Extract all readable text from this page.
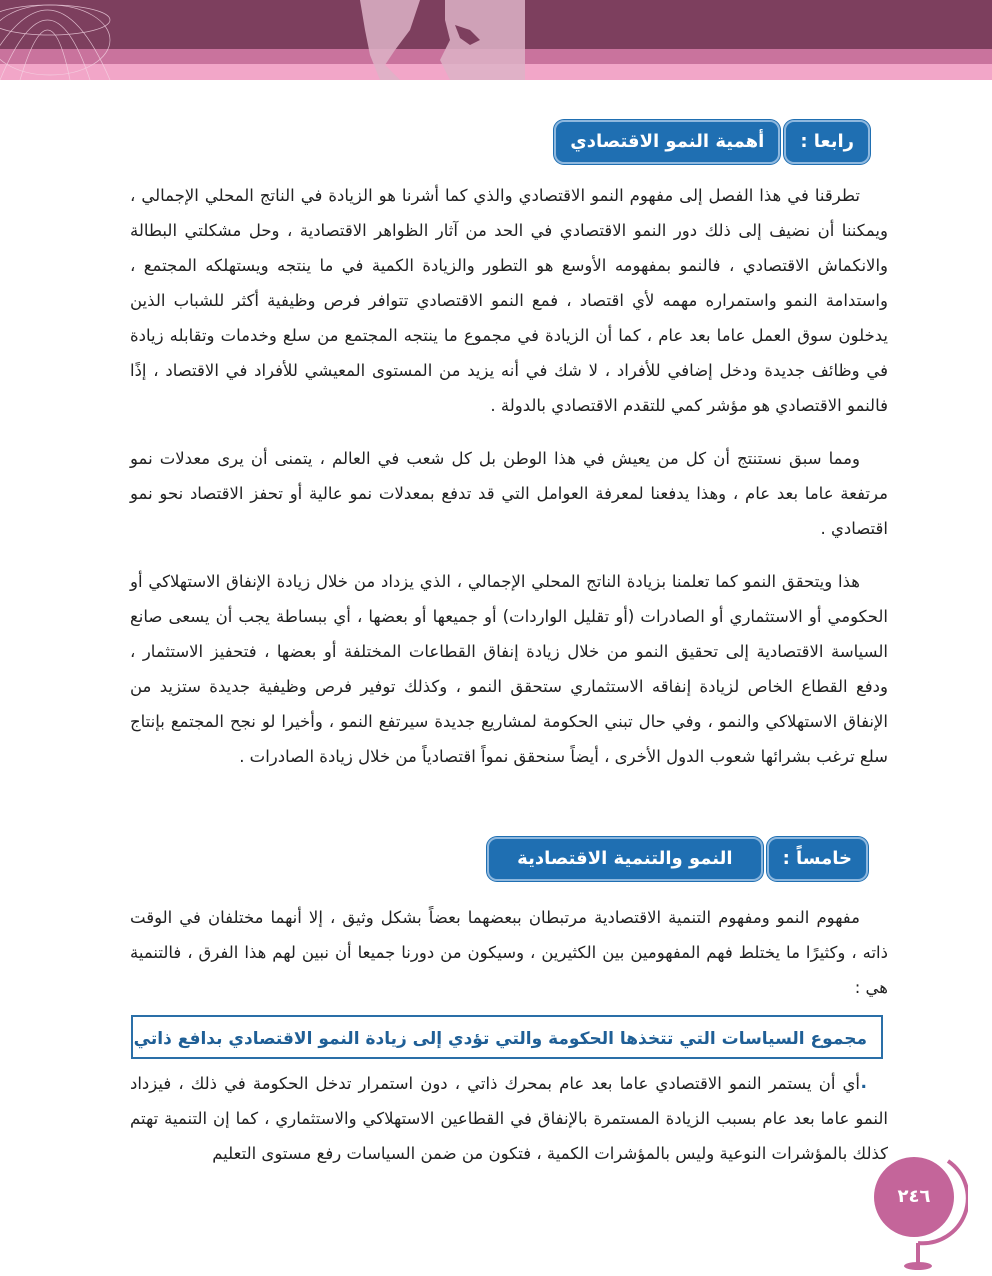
رابعا :
أهمية النمو الاقتصادي

تطرقنا في هذا الفصل إلى مفهوم النمو الاقتصادي والذي كما أشرنا هو الزيادة في الناتج المحلي الإجمالي ، ويمكننا أن نضيف إلى ذلك دور النمو الاقتصادي في الحد من آثار الظواهر الاقتصادية ، وحل مشكلتي البطالة والانكماش الاقتصادي ، فالنمو بمفهومه الأوسع هو التطور والزيادة الكمية في ما ينتجه ويستهلكه المجتمع ، واستدامة النمو واستمراره مهمه لأي اقتصاد ، فمع النمو الاقتصادي تتوافر فرص وظيفية أكثر للشباب الذين يدخلون سوق العمل عاما بعد عام ، كما أن الزيادة في مجموع ما ينتجه المجتمع من سلع وخدمات وتقابله زيادة في وظائف جديدة ودخل إضافي للأفراد ، لا شك في أنه يزيد من المستوى المعيشي للأفراد في الاقتصاد ، إذًا فالنمو الاقتصادي هو مؤشر كمي للتقدم الاقتصادي بالدولة .

ومما سبق نستنتج أن كل من يعيش في هذا الوطن بل كل شعب في العالم ، يتمنى أن يرى معدلات نمو مرتفعة عاما بعد عام ، وهذا يدفعنا لمعرفة العوامل التي قد تدفع بمعدلات نمو عالية أو تحفز الاقتصاد نحو نمو اقتصادي .

هذا ويتحقق النمو كما تعلمنا بزيادة الناتج المحلي الإجمالي ، الذي يزداد من خلال زيادة الإنفاق الاستهلاكي أو الحكومي أو الاستثماري أو الصادرات (أو تقليل الواردات) أو جميعها أو بعضها ، أي ببساطة يجب أن يسعى صانع السياسة الاقتصادية إلى تحقيق النمو من خلال زيادة إنفاق القطاعات المختلفة أو بعضها ، فتحفيز الاستثمار ، ودفع القطاع الخاص لزيادة إنفاقه الاستثماري ستحقق النمو ، وكذلك توفير فرص وظيفية جديدة ستزيد من الإنفاق الاستهلاكي والنمو ، وفي حال تبني الحكومة لمشاريع جديدة سيرتفع النمو ، وأخيرا لو نجح المجتمع بإنتاج سلع ترغب بشرائها شعوب الدول الأخرى ، أيضاً سنحقق نمواً اقتصادياً من خلال زيادة الصادرات .

خامساً :
النمو والتنمية الاقتصادية

مفهوم النمو ومفهوم التنمية الاقتصادية مرتبطان ببعضهما بعضاً بشكل وثيق ، إلا أنهما مختلفان في الوقت ذاته ، وكثيرًا ما يختلط فهم المفهومين بين الكثيرين ، وسيكون من دورنا جميعا أن نبين لهم هذا الفرق ، فالتنمية هي :

مجموع السياسات التي تتخذها الحكومة والتي تؤدي إلى زيادة النمو الاقتصادي بدافع ذاتي .

أي أن يستمر النمو الاقتصادي عاما بعد عام بمحرك ذاتي ، دون استمرار تدخل الحكومة في ذلك ، فيزداد النمو عاما بعد عام بسبب الزيادة المستمرة بالإنفاق في القطاعين الاستهلاكي والاستثماري ، كما إن التنمية تهتم كذلك بالمؤشرات النوعية وليس بالمؤشرات الكمية ، فتكون من ضمن السياسات رفع مستوى التعليم

٢٤٦
